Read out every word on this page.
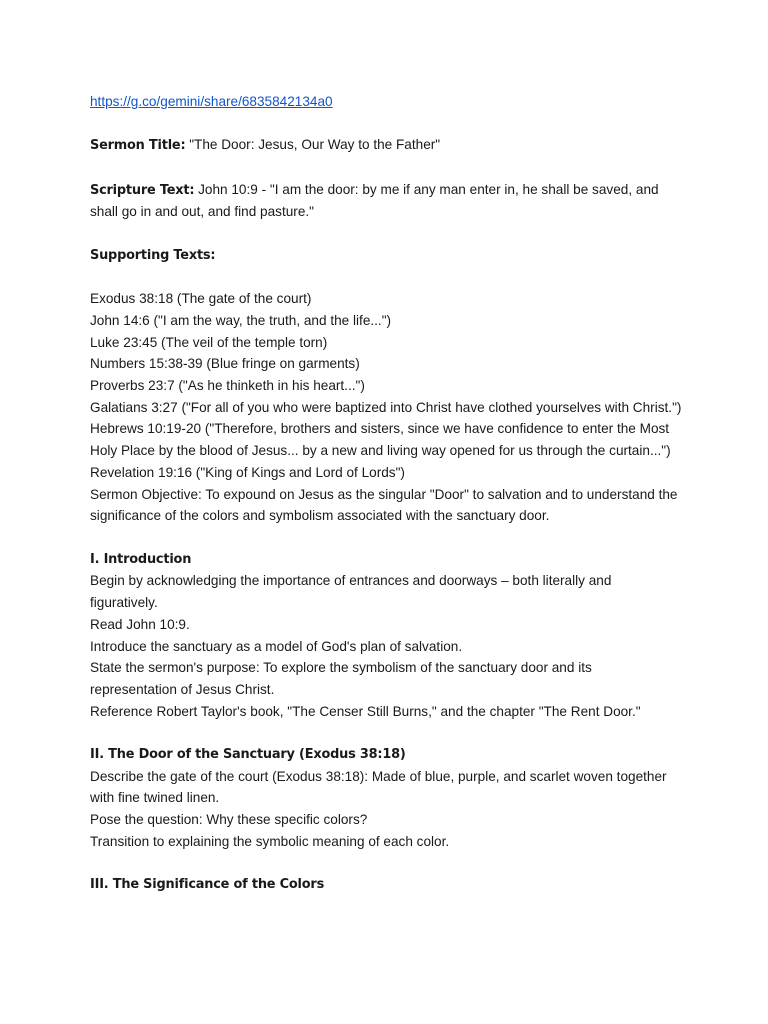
https://g.co/gemini/share/6835842134a0

Sermon Title: "The Door: Jesus, Our Way to the Father"

Scripture Text: John 10:9 - "I am the door: by me if any man enter in, he shall be saved, and shall go in and out, and find pasture."

Supporting Texts:

Exodus 38:18 (The gate of the court)

John 14:6 ("I am the way, the truth, and the life...")

Luke 23:45 (The veil of the temple torn)

Numbers 15:38-39 (Blue fringe on garments)

Proverbs 23:7 ("As he thinketh in his heart...")

Galatians 3:27 ("For all of you who were baptized into Christ have clothed yourselves with Christ.")

Hebrews 10:19-20 ("Therefore, brothers and sisters, since we have confidence to enter the Most Holy Place by the blood of Jesus... by a new and living way opened for us through the curtain...")

Revelation 19:16 ("King of Kings and Lord of Lords")

Sermon Objective: To expound on Jesus as the singular "Door" to salvation and to understand the significance of the colors and symbolism associated with the sanctuary door.

I. Introduction

Begin by acknowledging the importance of entrances and doorways – both literally and figuratively.

Read John 10:9.

Introduce the sanctuary as a model of God's plan of salvation.

State the sermon's purpose: To explore the symbolism of the sanctuary door and its representation of Jesus Christ.

Reference Robert Taylor's book, "The Censer Still Burns," and the chapter "The Rent Door."

II. The Door of the Sanctuary (Exodus 38:18)

Describe the gate of the court (Exodus 38:18): Made of blue, purple, and scarlet woven together with fine twined linen.

Pose the question: Why these specific colors?

Transition to explaining the symbolic meaning of each color.

III. The Significance of the Colors
